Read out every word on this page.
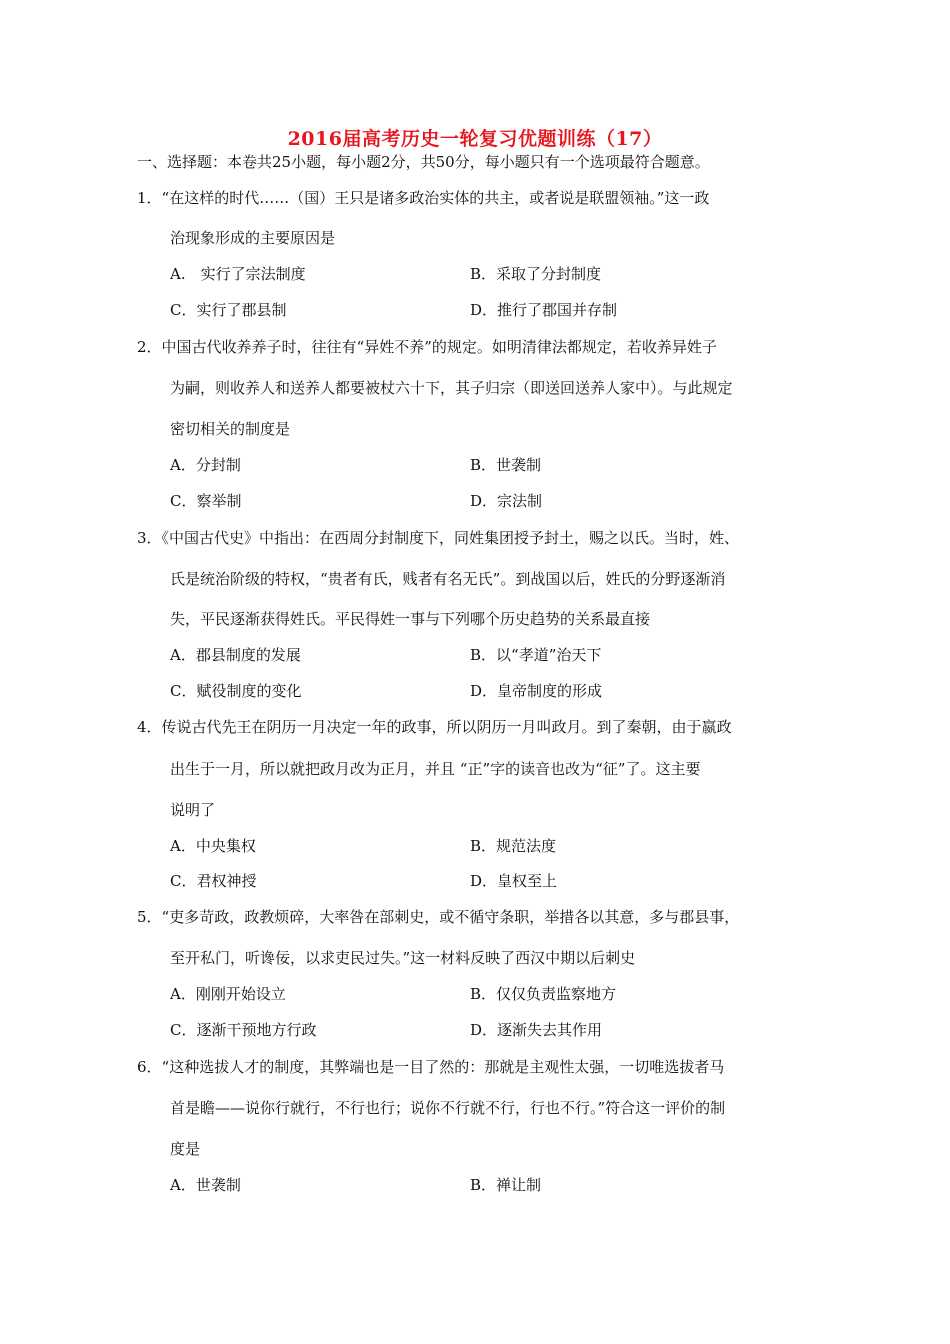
2016届高考历史一轮复习优题训练（17）
一、选择题：本卷共25小题，每小题2分，共50分，每小题只有一个选项最符合题意。
1．“在这样的时代……（国）王只是诸多政治实体的共主，或者说是联盟领袖。”这一政
治现象形成的主要原因是
A.　实行了宗法制度	B．采取了分封制度
C．实行了郡县制	D．推行了郡国并存制
2．中国古代收养养子时，往往有“异姓不养”的规定。如明清律法都规定，若收养异姓子
为嗣，则收养人和送养人都要被杖六十下，其子归宗（即送回送养人家中）。与此规定
密切相关的制度是
A．分封制	B．世袭制
C．察举制	D．宗法制
3．《中国古代史》中指出：在西周分封制度下，同姓集团授予封土，赐之以氏。当时，姓、
氏是统治阶级的特权，“贵者有氏，贱者有名无氏”。到战国以后，姓氏的分野逐渐消
失，平民逐渐获得姓氏。平民得姓一事与下列哪个历史趋势的关系最直接
A．郡县制度的发展	B．以“孝道”治天下
C．赋役制度的变化	D．皇帝制度的形成
4．传说古代先王在阴历一月决定一年的政事，所以阴历一月叫政月。到了秦朝，由于嬴政
出生于一月，所以就把政月改为正月，并且 “正”字的读音也改为“征”了。这主要
说明了
A．中央集权	B．规范法度
C．君权神授	D．皇权至上
5．“吏多苛政，政教烦碎，大率咎在部刺史，或不循守条职，举措各以其意，多与郡县事，
至开私门，听谗佞，以求吏民过失。”这一材料反映了西汉中期以后刺史
A．刚刚开始设立	B．仅仅负责监察地方
C．逐渐干预地方行政	D．逐渐失去其作用
6．“这种选拔人才的制度，其弊端也是一目了然的：那就是主观性太强，一切唯选拔者马
首是瞻——说你行就行，不行也行；说你不行就不行，行也不行。”符合这一评价的制
度是
A．世袭制	B．禅让制
